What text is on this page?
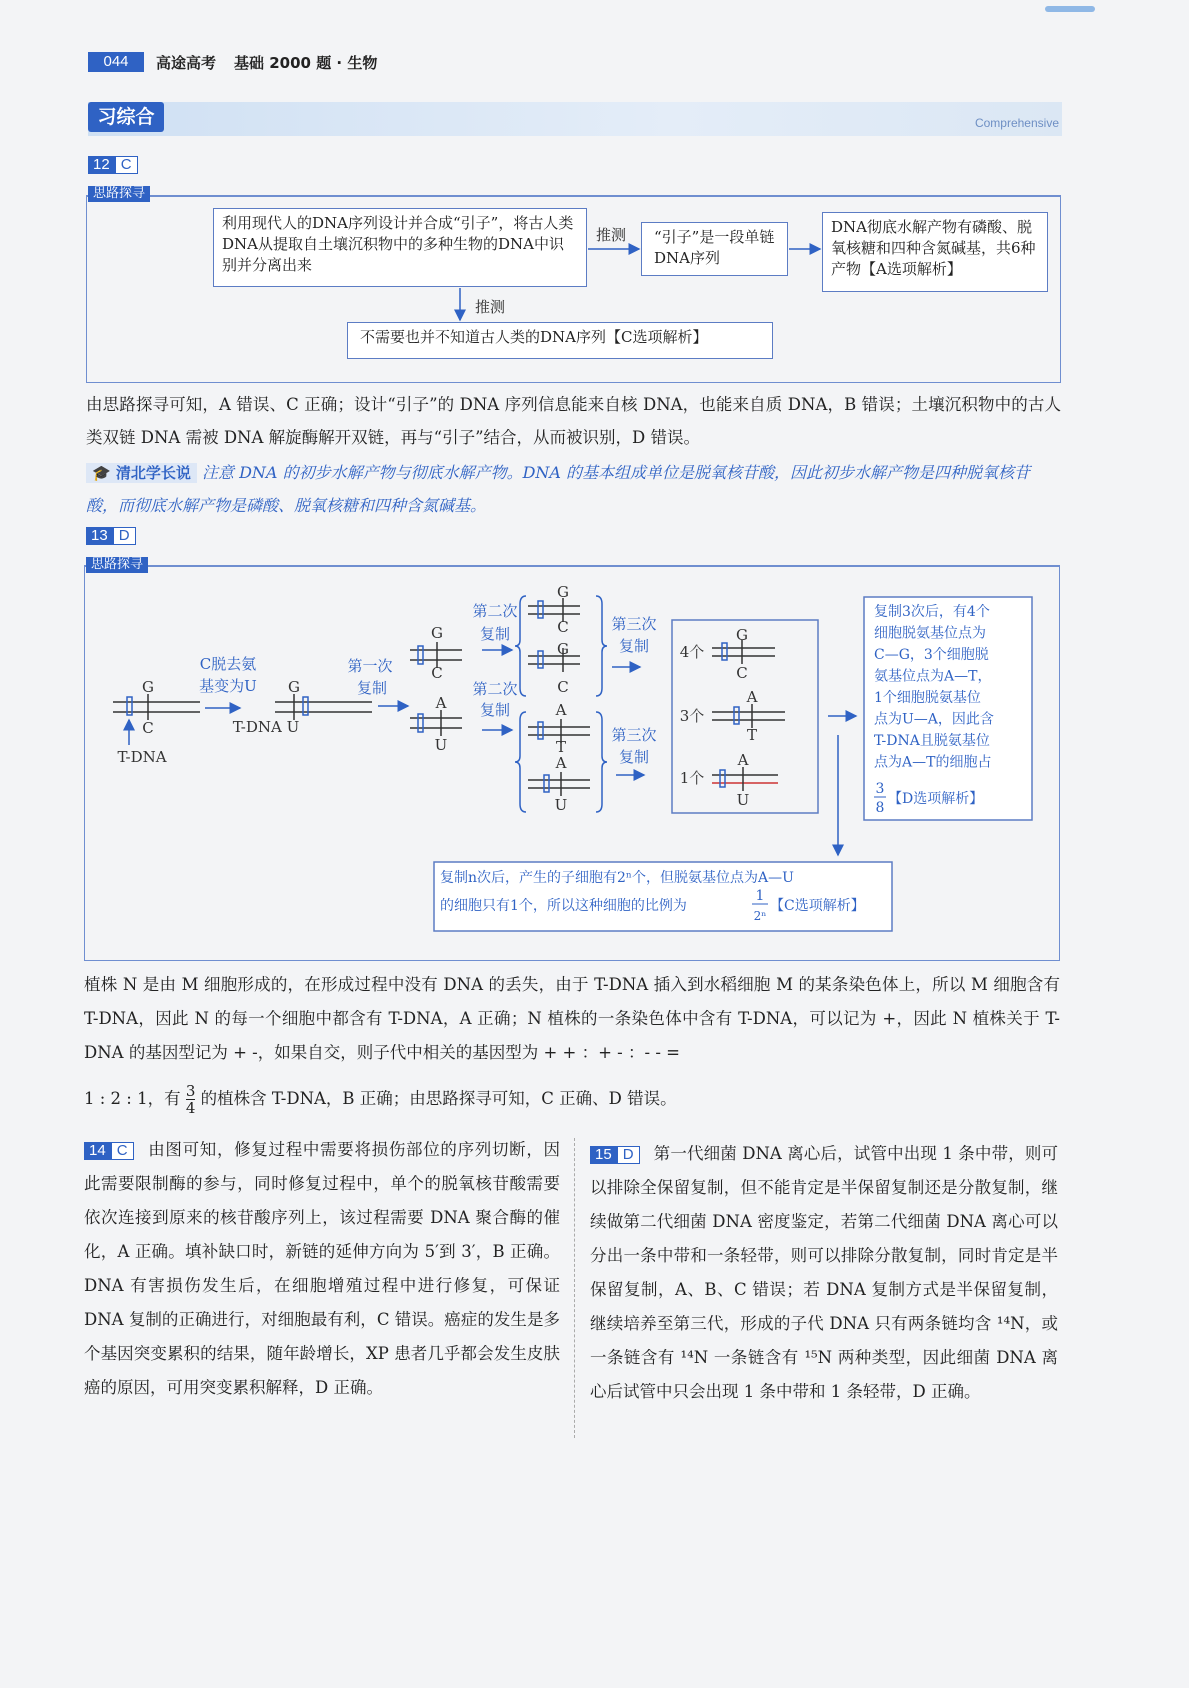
044	高途高考 基础 2000 题 · 生物
习综合	Comprehensive
12 C
思路探寻
利用现代人的DNA序列设计并合成“引子”，将古人类DNA从提取自土壤沉积物中的多种生物的DNA中识别并分离出来
“引子”是一段单链DNA序列
DNA彻底水解产物有磷酸、脱氧核糖和四种含氮碱基，共6种产物【A选项解析】
不需要也并不知道古人类的DNA序列【C选项解析】
推测
推测
由思路探寻可知，A 错误、C 正确；设计“引子”的 DNA 序列信息能来自核 DNA，也能来自质 DNA，B 错误；土壤沉积物中的古人类双链 DNA 需被 DNA 解旋酶解开双链，再与“引子”结合，从而被识别，D 错误。
🎓 清北学长说 注意 DNA 的初步水解产物与彻底水解产物。DNA 的基本组成单位是脱氧核苷酸，因此初步水解产物是四种脱氧核苷酸，而彻底水解产物是磷酸、脱氧核糖和四种含氮碱基。
13 D
思路探寻
G
C
T-DNA
G
T-DNA U
G
C
A
U
G
C
G
C
A
T
A
U
G
C
A
T
A
U
4个
3个
1个
C脱去氨
基变为U
第一次
复制
第二次
复制
第二次
复制
第三次
复制
第三次
复制
复制3次后，有4个
细胞脱氨基位点为
C—G，3个细胞脱
氨基位点为A—T，
1个细胞脱氨基位
点为U—A，因此含
T-DNA且脱氨基位
点为A—T的细胞占
3
8
【D选项解析】
复制n次后，产生的子细胞有2ⁿ个，但脱氨基位点为A—U
的细胞只有1个，所以这种细胞的比例为
1
2ⁿ
【C选项解析】
植株 N 是由 M 细胞形成的，在形成过程中没有 DNA 的丢失，由于 T-DNA 插入到水稻细胞 M 的某条染色体上，所以 M 细胞含有 T-DNA，因此 N 的每一个细胞中都含有 T-DNA，A 正确；N 植株的一条染色体中含有 T-DNA，可以记为 +，因此 N 植株关于 T-DNA 的基因型记为 + -，如果自交，则子代中相关的基因型为 + + ：+ - ：- - =
1 : 2 : 1，有 $\frac{3}{4}$ 的植株含 T-DNA，B 正确；由思路探寻可知，C 正确、D 错误。
14 C	由图可知，修复过程中需要将损伤部位的序列切断，因此需要限制酶的参与，同时修复过程中，单个的脱氧核苷酸需要依次连接到原来的核苷酸序列上，该过程需要 DNA 聚合酶的催化，A 正确。填补缺口时，新链的延伸方向为 5′到 3′，B 正确。DNA 有害损伤发生后，在细胞增殖过程中进行修复，可保证 DNA 复制的正确进行，对细胞最有利，C 错误。癌症的发生是多个基因突变累积的结果，随年龄增长，XP 患者几乎都会发生皮肤癌的原因，可用突变累积解释，D 正确。
15 D	第一代细菌 DNA 离心后，试管中出现 1 条中带，则可以排除全保留复制，但不能肯定是半保留复制还是分散复制，继续做第二代细菌 DNA 密度鉴定，若第二代细菌 DNA 离心可以分出一条中带和一条轻带，则可以排除分散复制，同时肯定是半保留复制，A、B、C 错误；若 DNA 复制方式是半保留复制，继续培养至第三代，形成的子代 DNA 只有两条链均含 ¹⁴N，或一条链含有 ¹⁴N 一条链含有 ¹⁵N 两种类型，因此细菌 DNA 离心后试管中只会出现 1 条中带和 1 条轻带，D 正确。
